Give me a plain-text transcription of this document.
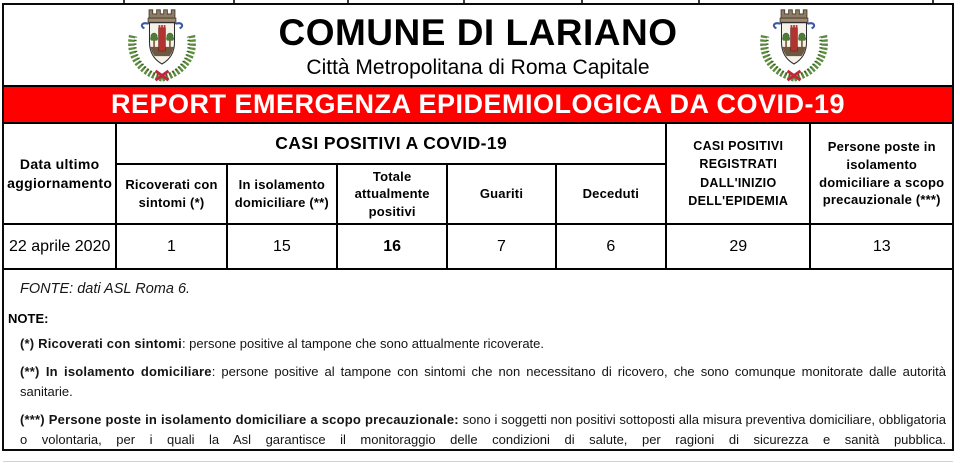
COMUNE DI LARIANO
Città Metropolitana di Roma Capitale
REPORT EMERGENZA EPIDEMIOLOGICA DA COVID-19
Data ultimo aggiornamento	CASI POSITIVI A COVID-19					CASI POSITIVI REGISTRATI DALL'INIZIO DELL'EPIDEMIA	Persone poste in isolamento domiciliare a scopo precauzionale (***)
	Ricoverati con sintomi (*)	In isolamento domiciliare (**)	Totale attualmente positivi	Guariti	Deceduti		
22 aprile 2020	1	15	16	7	6	29	13

FONTE: dati ASL Roma 6.

NOTE:

(*) Ricoverati con sintomi: persone positive al tampone che sono attualmente ricoverate.

(**) In isolamento domiciliare: persone positive al tampone con sintomi che non necessitano di ricovero, che sono comunque monitorate dalle autorità sanitarie.

(***) Persone poste in isolamento domiciliare a scopo precauzionale: sono i soggetti non positivi sottoposti alla misura preventiva domiciliare, obbligatoria o volontaria, per i quali la Asl garantisce il monitoraggio delle condizioni di salute, per ragioni di sicurezza e sanità pubblica.
